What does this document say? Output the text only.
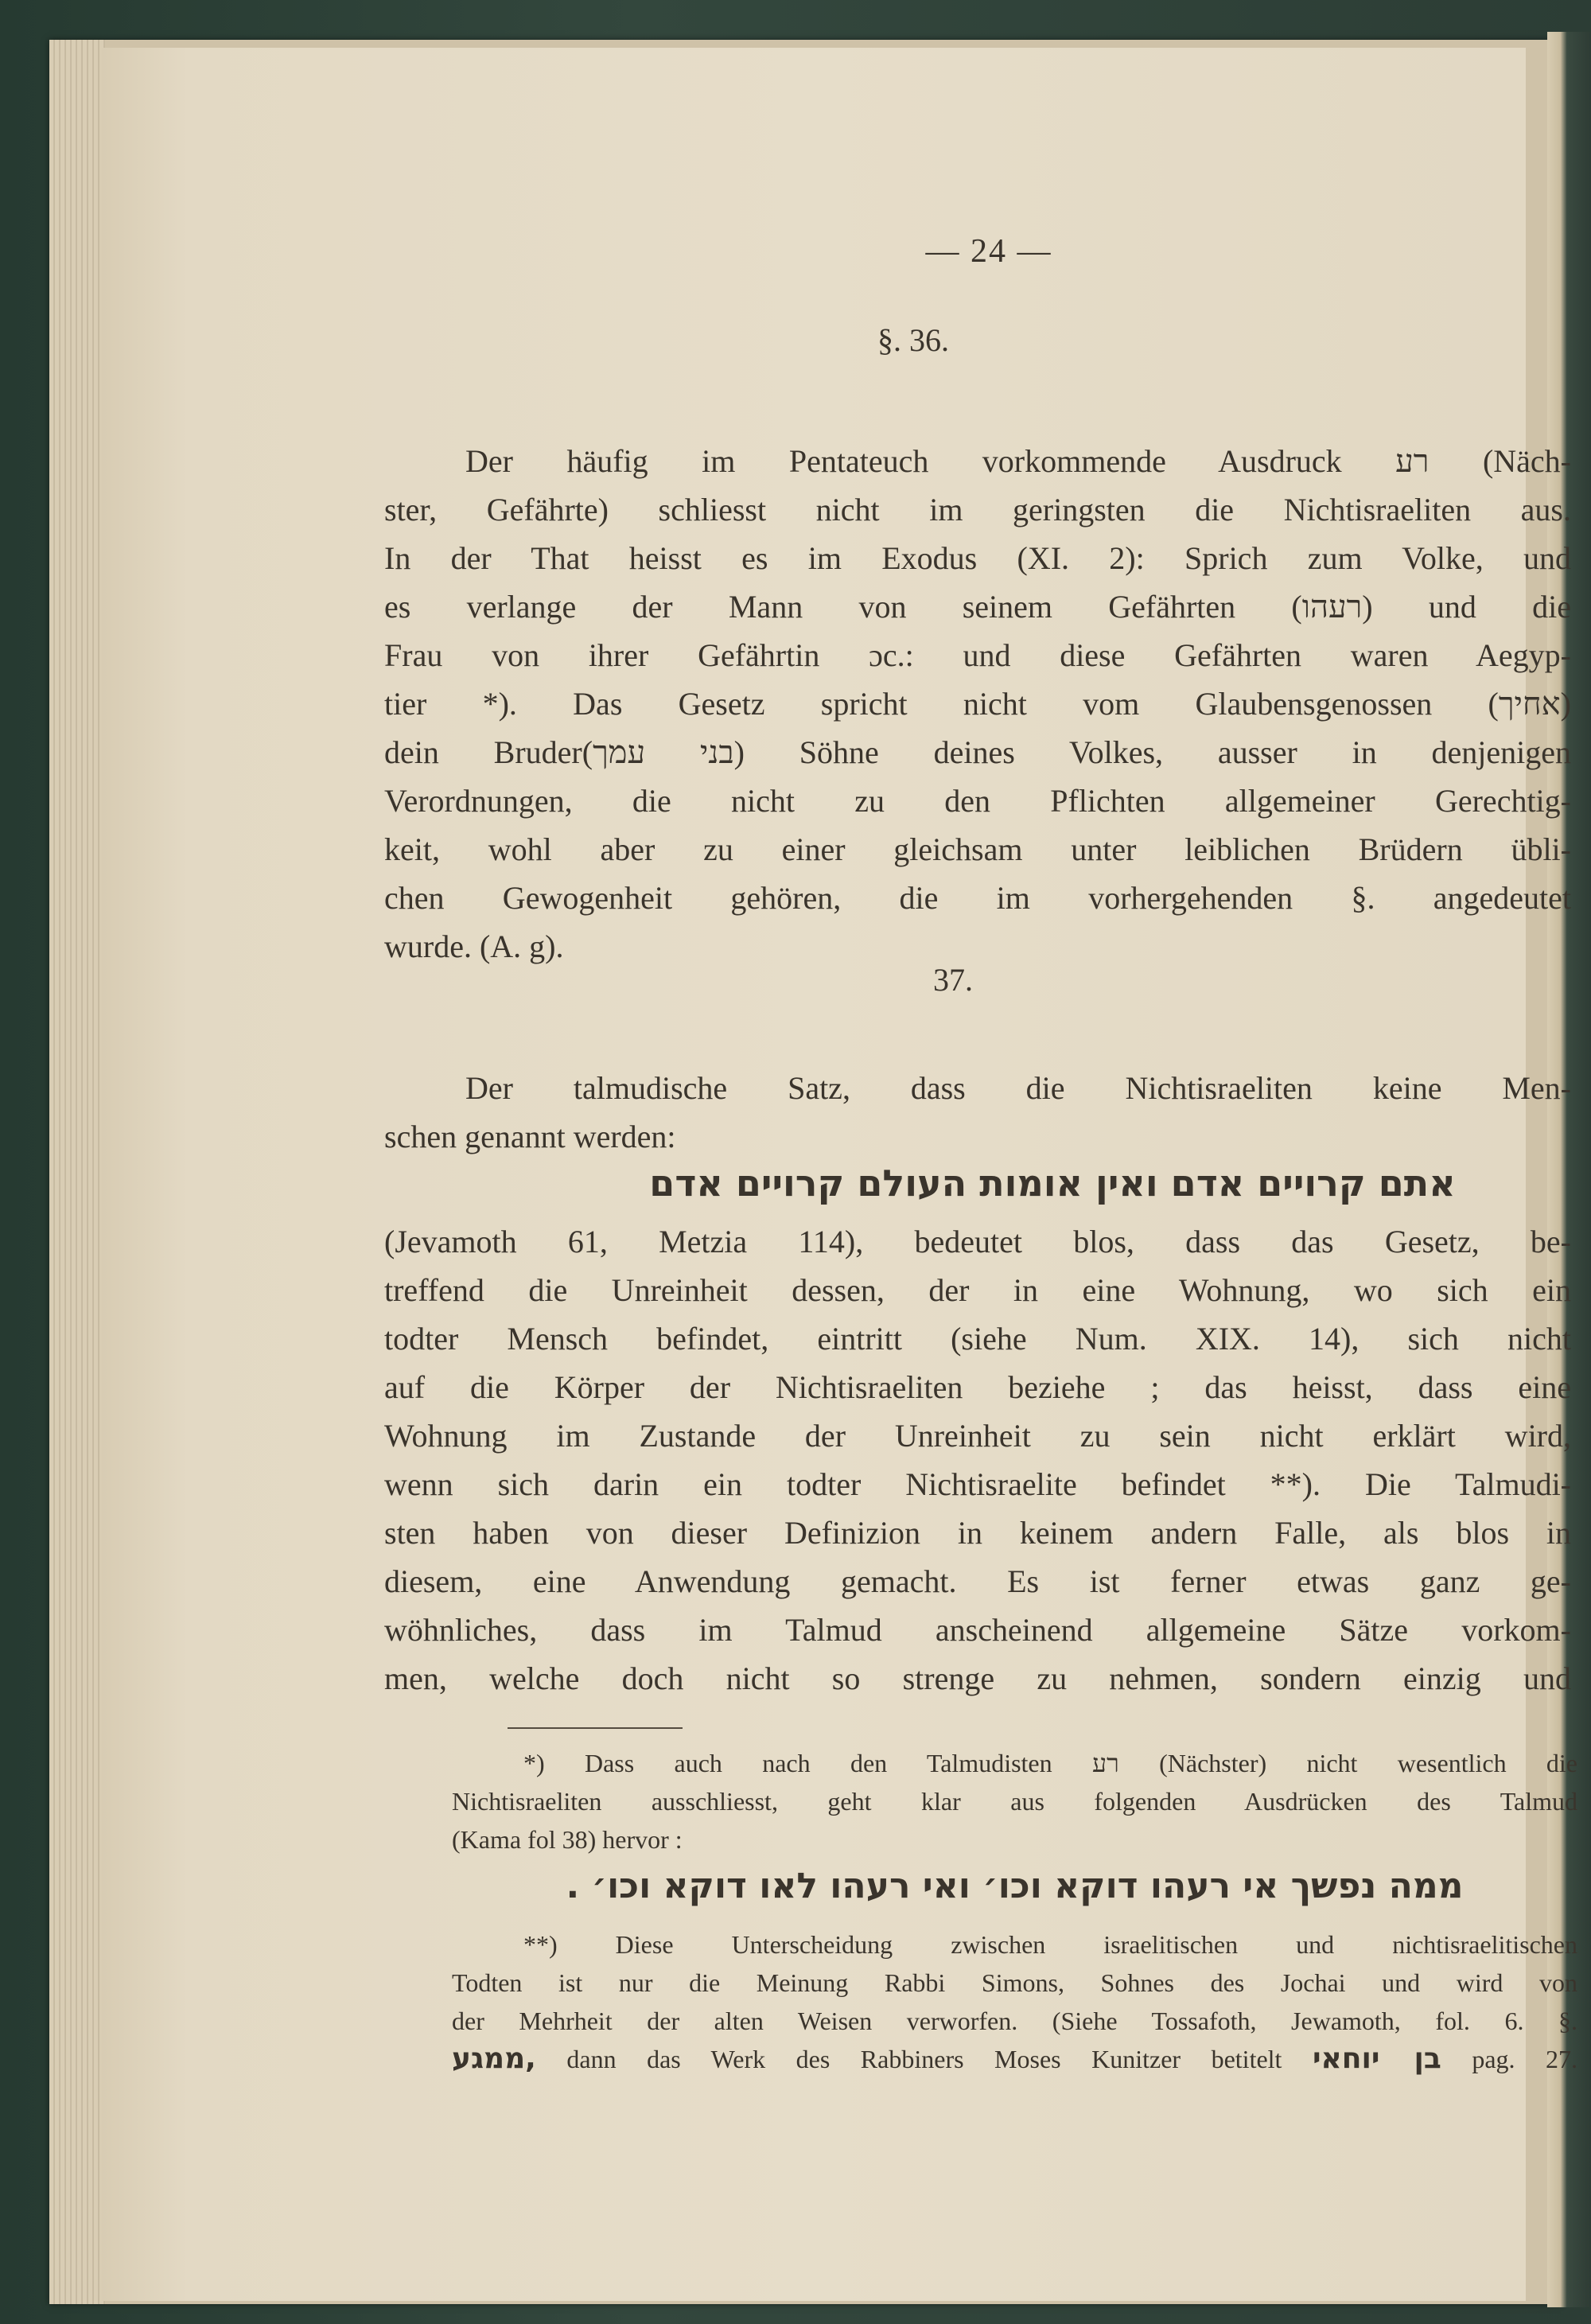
— 24 —
§. 36.
Der häufig im Pentateuch vorkommende Ausdruck רע (Näch-
ster, Gefährte) schliesst nicht im geringsten die Nichtisraeliten aus.
In der That heisst es im Exodus (XI. 2): Sprich zum Volke, und
es verlange der Mann von seinem Gefährten (רעהו) und die
Frau von ihrer Gefährtin ɔc.: und diese Gefährten waren Aegyp-
tier *). Das Gesetz spricht nicht vom Glaubensgenossen (אחיך)
dein Bruder(בני עמך) Söhne deines Volkes, ausser in denjenigen
Verordnungen, die nicht zu den Pflichten allgemeiner Gerechtig-
keit, wohl aber zu einer gleichsam unter leiblichen Brüdern übli-
chen Gewogenheit gehören, die im vorhergehenden §. angedeutet
wurde. (A. g).
37.
Der talmudische Satz, dass die Nichtisraeliten keine Men-
schen genannt werden:
אתם קרויים אדם ואין אומות העולם קרויים אדם
(Jevamoth 61, Metzia 114), bedeutet blos, dass das Gesetz, be-
treffend die Unreinheit dessen, der in eine Wohnung, wo sich ein
todter Mensch befindet, eintritt (siehe Num. XIX. 14), sich nicht
auf die Körper der Nichtisraeliten beziehe ; das heisst, dass eine
Wohnung im Zustande der Unreinheit zu sein nicht erklärt wird,
wenn sich darin ein todter Nichtisraelite befindet **). Die Talmudi-
sten haben von dieser Definizion in keinem andern Falle, als blos in
diesem, eine Anwendung gemacht. Es ist ferner etwas ganz ge-
wöhnliches, dass im Talmud anscheinend allgemeine Sätze vorkom-
men, welche doch nicht so strenge zu nehmen, sondern einzig und
*) Dass auch nach den Talmudisten רע (Nächster) nicht wesentlich die
Nichtisraeliten ausschliesst, geht klar aus folgenden Ausdrücken des Talmud
(Kama fol 38) hervor :
ממה נפשך אי רעהו דוקא וכו׳ ואי רעהו לאו דוקא וכו׳ .
**) Diese Unterscheidung zwischen israelitischen und nichtisraelitischen
Todten ist nur die Meinung Rabbi Simons, Sohnes des Jochai und wird von
der Mehrheit der alten Weisen verworfen. (Siehe Tossafoth, Jewamoth, fol. 6. §.
ממגע, dann das Werk des Rabbiners Moses Kunitzer betitelt בן יוחאי pag. 27.
